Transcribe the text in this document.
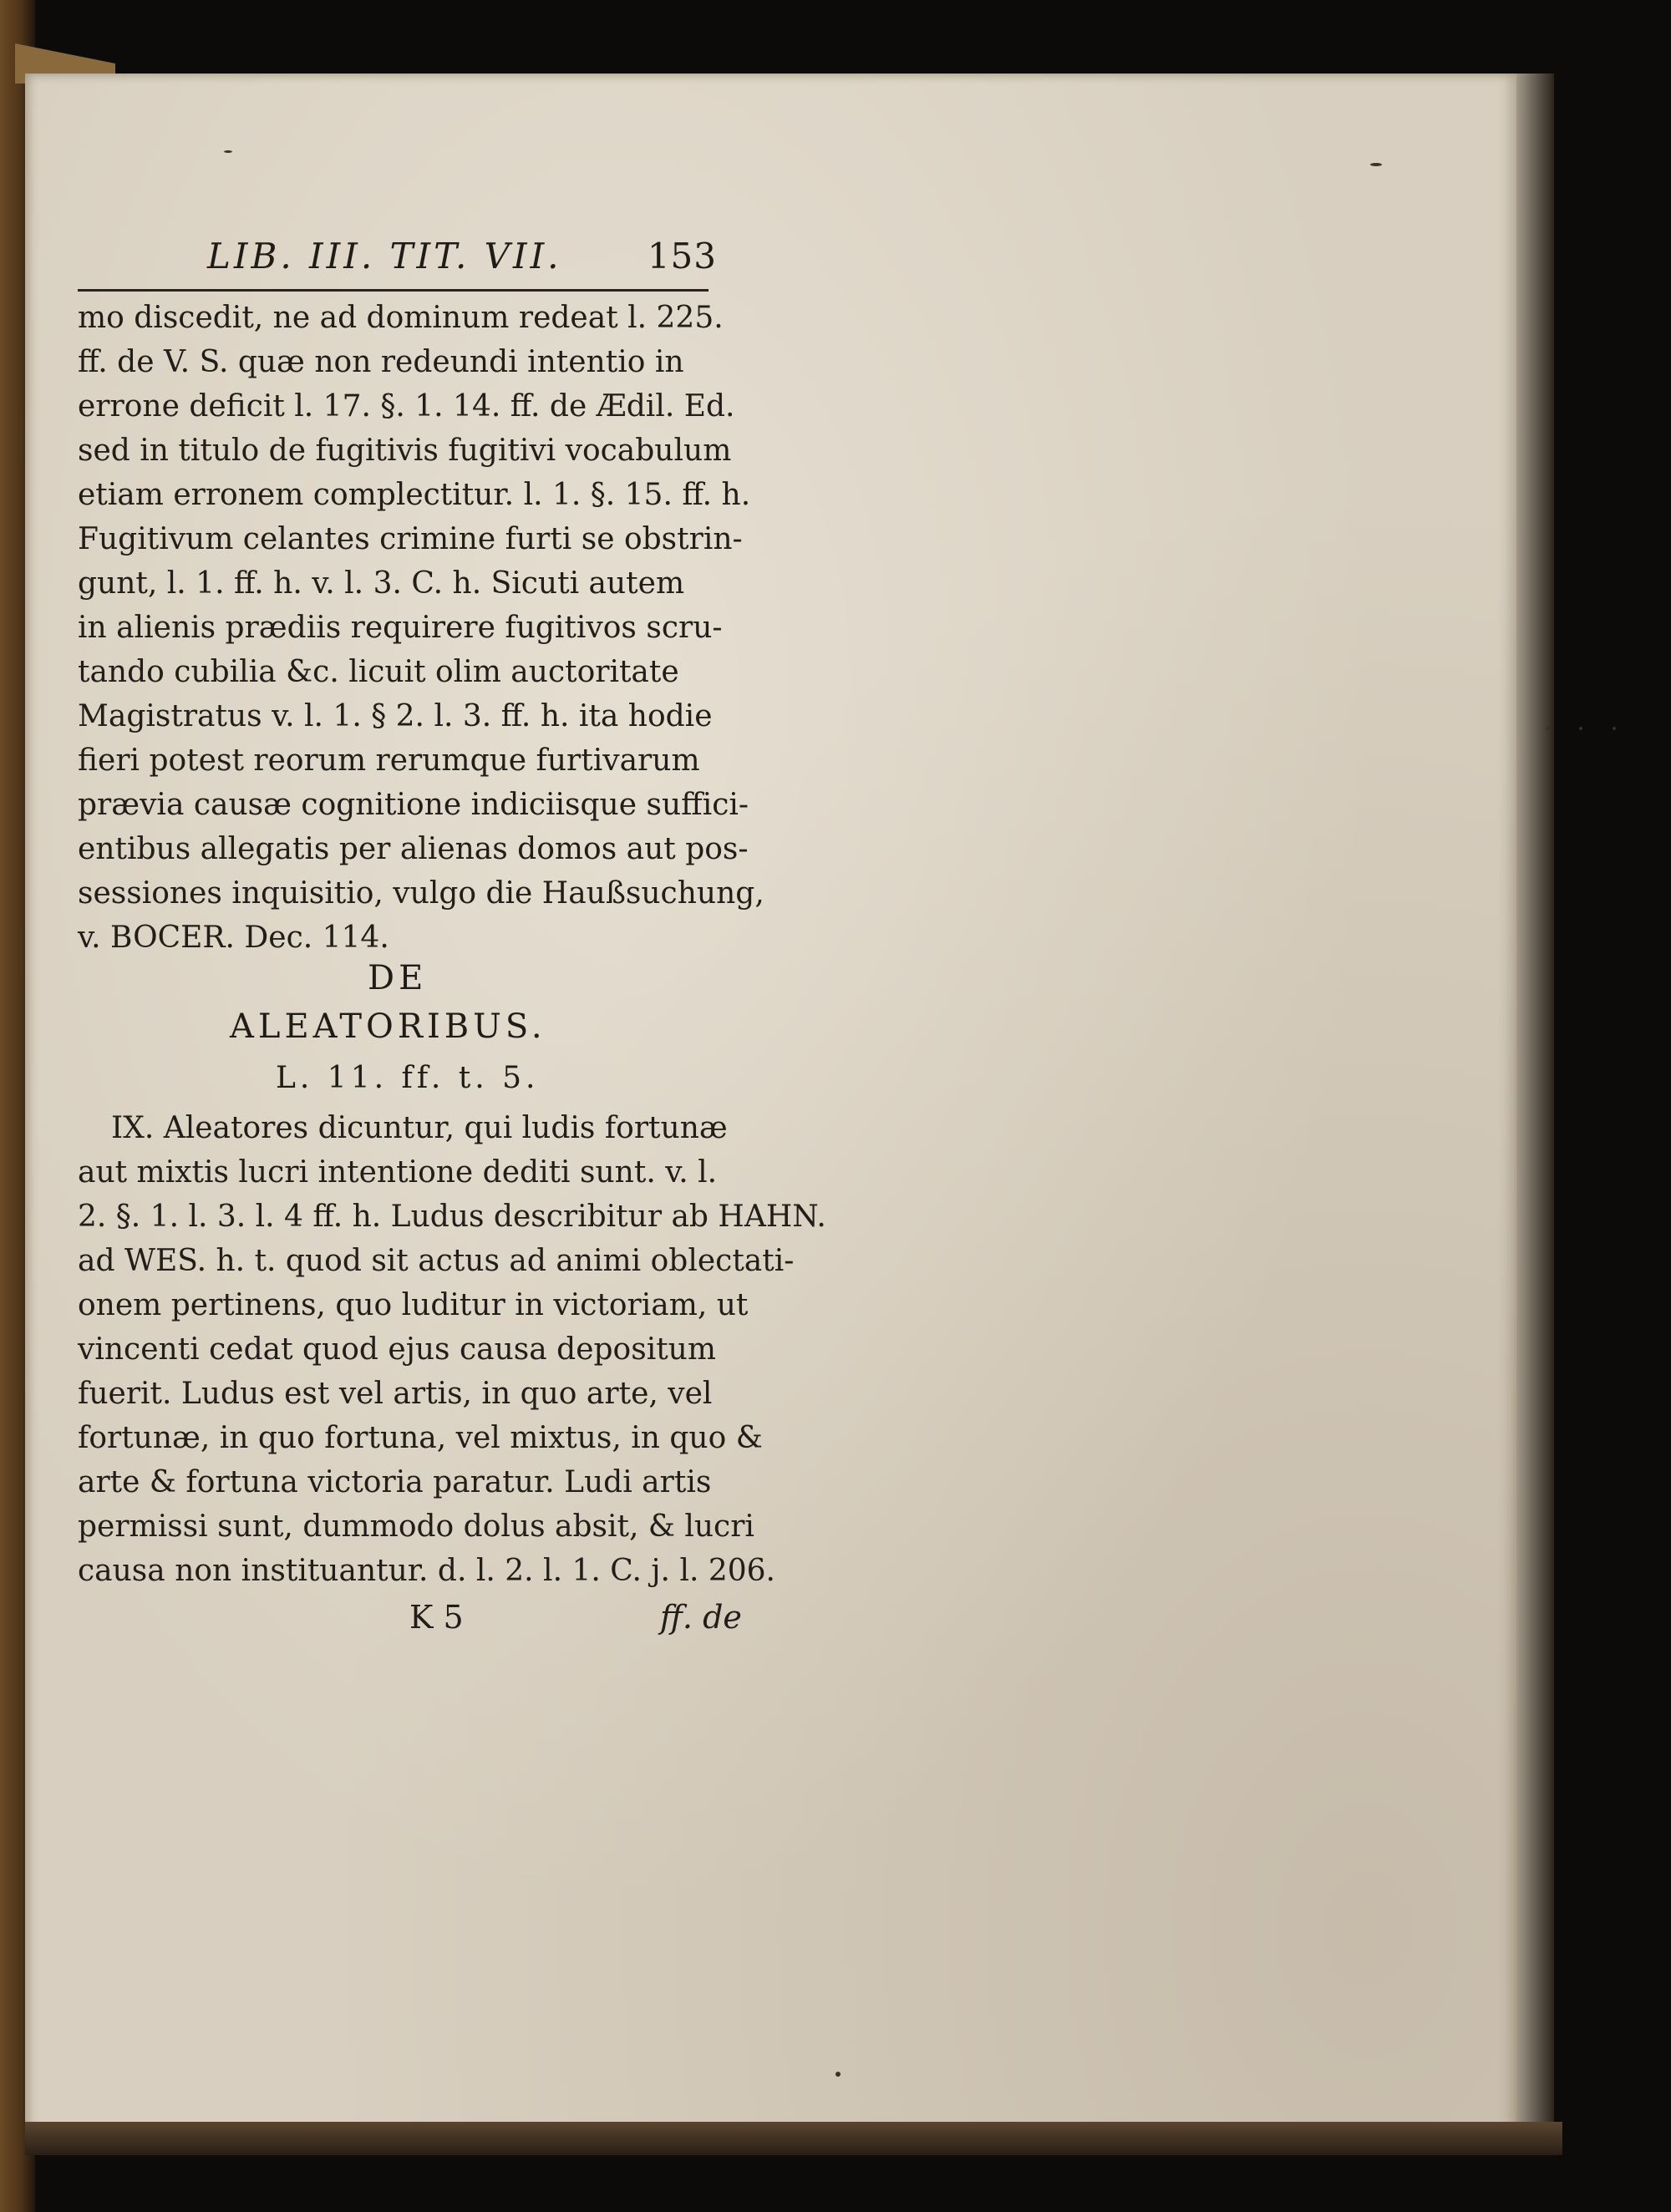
LIB. III. TIT. VII. 153
mo discedit, ne ad dominum redeat l. 225.
ff. de V. S. quæ non redeundi intentio in
errone deficit l. 17. §. 1. 14. ff. de Ædil. Ed.
sed in titulo de fugitivis fugitivi vocabulum
etiam erronem complectitur. l. 1. §. 15. ff. h.
Fugitivum celantes crimine furti se obstrin-
gunt, l. 1. ff. h. v. l. 3. C. h. Sicuti autem
in alienis prædiis requirere fugitivos scru-
tando cubilia &c. licuit olim auctoritate
Magistratus v. l. 1. § 2. l. 3. ff. h. ita hodie
fieri potest reorum rerumque furtivarum
prævia causæ cognitione indiciisque suffici-
entibus allegatis per alienas domos aut pos-
sessiones inquisitio, vulgo die Haußsuchung,
v. BOCER. Dec. 114.
DE
ALEATORIBUS.
L. 11. ff. t. 5.
IX. Aleatores dicuntur, qui ludis fortunæ
aut mixtis lucri intentione dediti sunt. v. l.
2. §. 1. l. 3. l. 4 ff. h. Ludus describitur ab HAHN.
ad WES. h. t. quod sit actus ad animi oblectati-
onem pertinens, quo luditur in victoriam, ut
vincenti cedat quod ejus causa depositum
fuerit. Ludus est vel artis, in quo arte, vel
fortunæ, in quo fortuna, vel mixtus, in quo &
arte & fortuna victoria paratur. Ludi artis
permissi sunt, dummodo dolus absit, & lucri
causa non instituantur. d. l. 2. l. 1. C. j. l. 206.
K 5	ff. de
